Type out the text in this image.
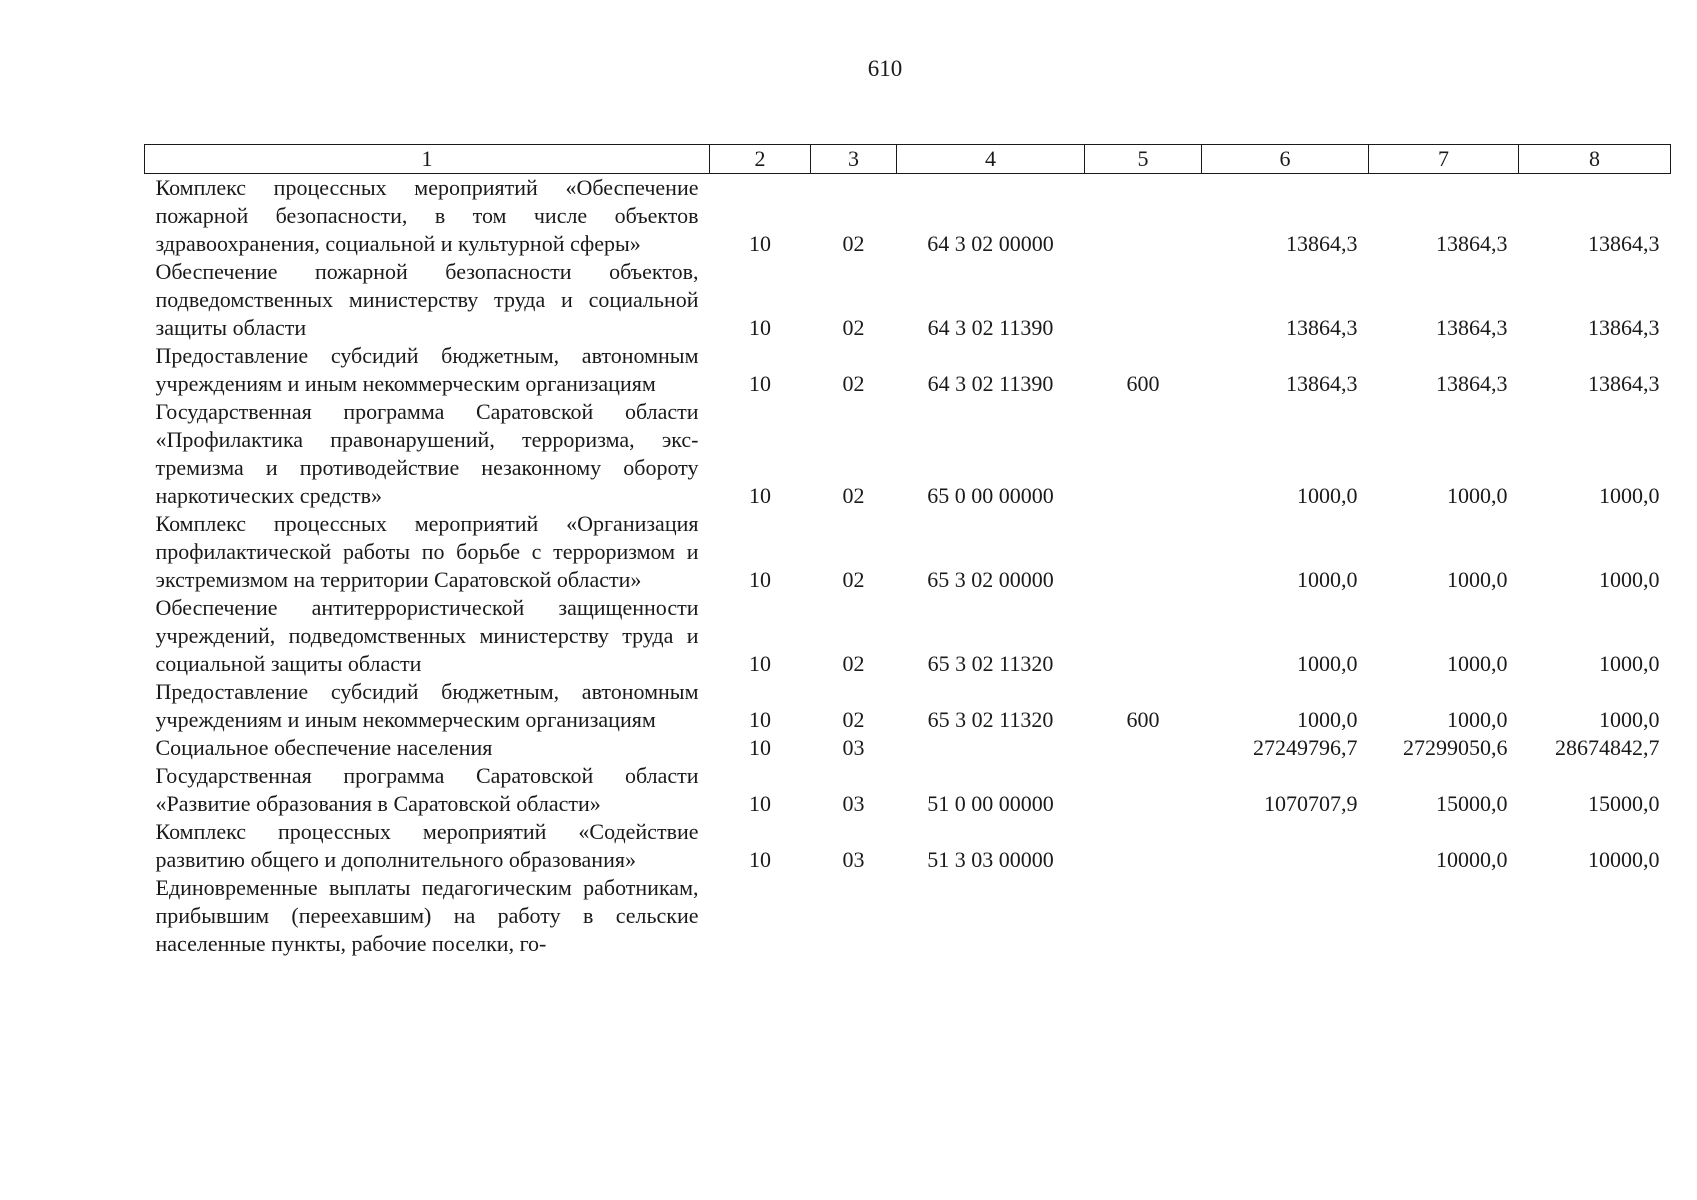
610
1	2	3	4	5	6	7	8
Комплекс процессных мероприятий «Обеспечение пожарной безопасности, в том числе объектов здравоохранения, социальной и культурной сферы»	10	02	64 3 02 00000		13864,3	13864,3	13864,3
Обеспечение пожарной безопасности объектов, подведомственных министерству труда и социальной защиты области	10	02	64 3 02 11390		13864,3	13864,3	13864,3
Предоставление субсидий бюджетным, автономным учреждениям и иным некоммерческим организациям	10	02	64 3 02 11390	600	13864,3	13864,3	13864,3
Государственная программа Саратовской области «Профилактика правонарушений, терроризма, экстремизма и противодействие незаконному обороту наркотических средств»	10	02	65 0 00 00000		1000,0	1000,0	1000,0
Комплекс процессных мероприятий «Организация профилактической работы по борьбе с терроризмом и экстремизмом на территории Саратовской области»	10	02	65 3 02 00000		1000,0	1000,0	1000,0
Обеспечение антитеррористической защищенности учреждений, подведомственных министерству труда и социальной защиты области	10	02	65 3 02 11320		1000,0	1000,0	1000,0
Предоставление субсидий бюджетным, автономным учреждениям и иным некоммерческим организациям	10	02	65 3 02 11320	600	1000,0	1000,0	1000,0
Социальное обеспечение населения	10	03			27249796,7	27299050,6	28674842,7
Государственная программа Саратовской области «Развитие образования в Саратовской области»	10	03	51 0 00 00000		1070707,9	15000,0	15000,0
Комплекс процессных мероприятий «Содействие развитию общего и дополнительного образования»	10	03	51 3 03 00000			10000,0	10000,0
Единовременные выплаты педагогическим работникам, прибывшим (переехавшим) на работу в сельские населенные пункты, рабочие поселки, го-							
